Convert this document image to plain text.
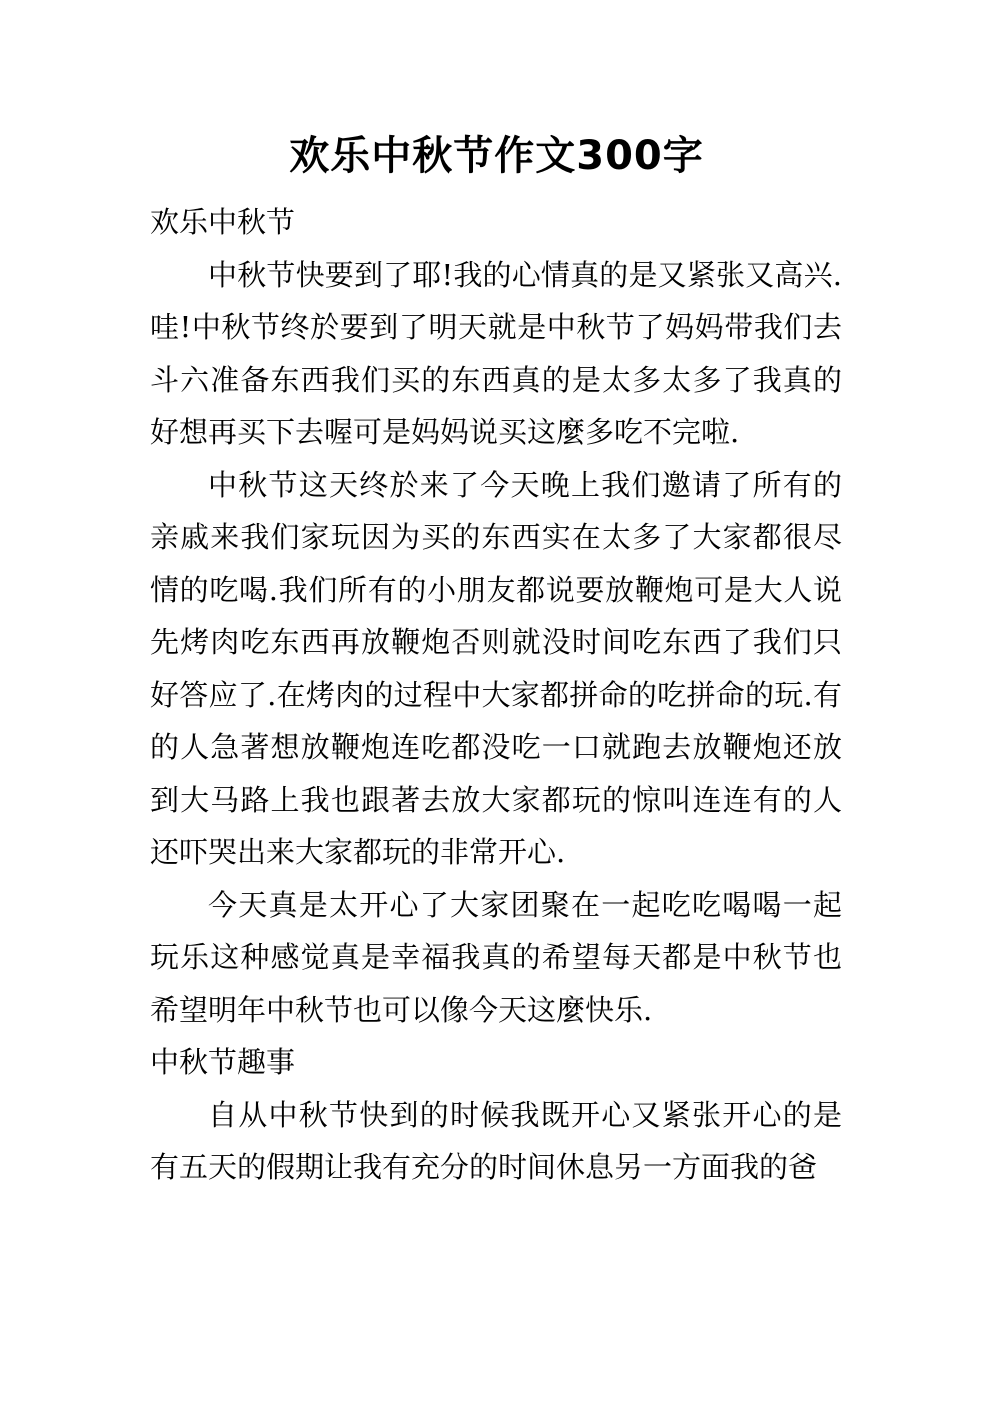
欢乐中秋节作文300字
欢乐中秋节

中秋节快要到了耶!我的心情真的是又紧张又高兴.哇!中秋节终於要到了明天就是中秋节了妈妈带我们去斗六准备东西我们买的东西真的是太多太多了我真的好想再买下去喔可是妈妈说买这麼多吃不完啦.

中秋节这天终於来了今天晚上我们邀请了所有的亲戚来我们家玩因为买的东西实在太多了大家都很尽情的吃喝.我们所有的小朋友都说要放鞭炮可是大人说先烤肉吃东西再放鞭炮否则就没时间吃东西了我们只好答应了.在烤肉的过程中大家都拼命的吃拼命的玩.有的人急著想放鞭炮连吃都没吃一口就跑去放鞭炮还放到大马路上我也跟著去放大家都玩的惊叫连连有的人还吓哭出来大家都玩的非常开心.

今天真是太开心了大家团聚在一起吃吃喝喝一起玩乐这种感觉真是幸福我真的希望每天都是中秋节也希望明年中秋节也可以像今天这麼快乐.

中秋节趣事

自从中秋节快到的时候我既开心又紧张开心的是有五天的假期让我有充分的时间休息另一方面我的爸
